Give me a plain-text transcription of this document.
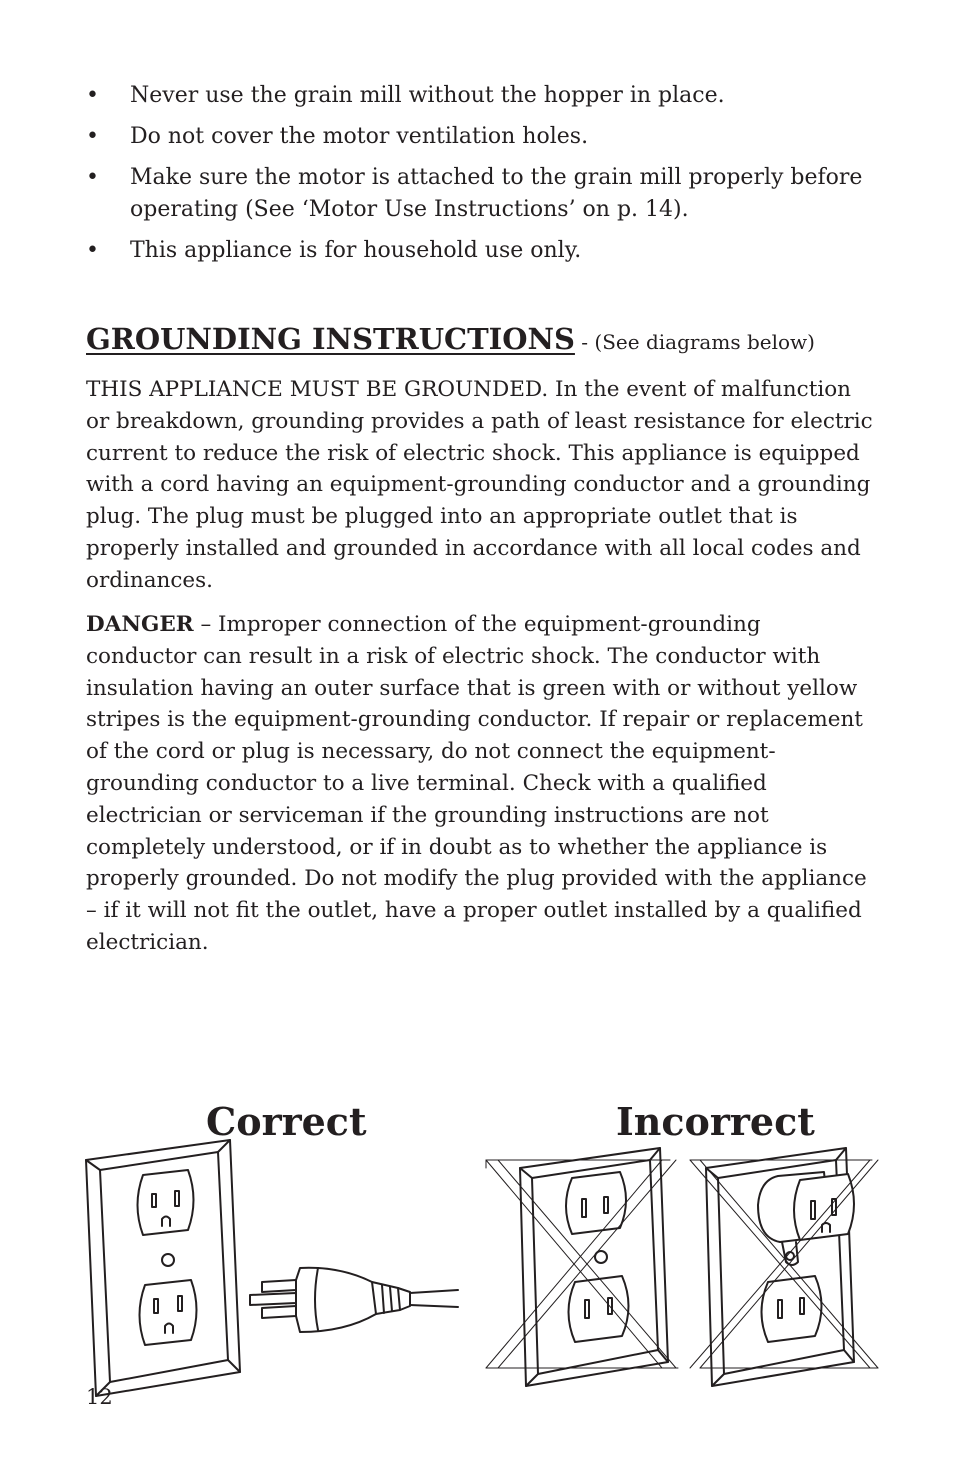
• Never use the grain mill without the hopper in place.
• Do not cover the motor ventilation holes.
• Make sure the motor is attached to the grain mill properly before operating (See ‘Motor Use Instructions’ on p. 14).
• This appliance is for household use only.
GROUNDING INSTRUCTIONS - (See diagrams below)

THIS APPLIANCE MUST BE GROUNDED. In the event of malfunction or breakdown, grounding provides a path of least resistance for electric current to reduce the risk of electric shock. This appliance is equipped with a cord having an equipment-grounding conductor and a grounding plug. The plug must be plugged into an appropriate outlet that is properly installed and grounded in accordance with all local codes and ordinances.

DANGER – Improper connection of the equipment-grounding conductor can result in a risk of electric shock. The conductor with insulation having an outer surface that is green with or without yellow stripes is the equipment-grounding conductor. If repair or replacement of the cord or plug is necessary, do not connect the equipment-grounding conductor to a live terminal. Check with a qualified electrician or serviceman if the grounding instructions are not completely understood, or if in doubt as to whether the appliance is properly grounded. Do not modify the plug provided with the appliance – if it will not fit the outlet, have a proper outlet installed by a qualified electrician.

Correct	Incorrect
12
